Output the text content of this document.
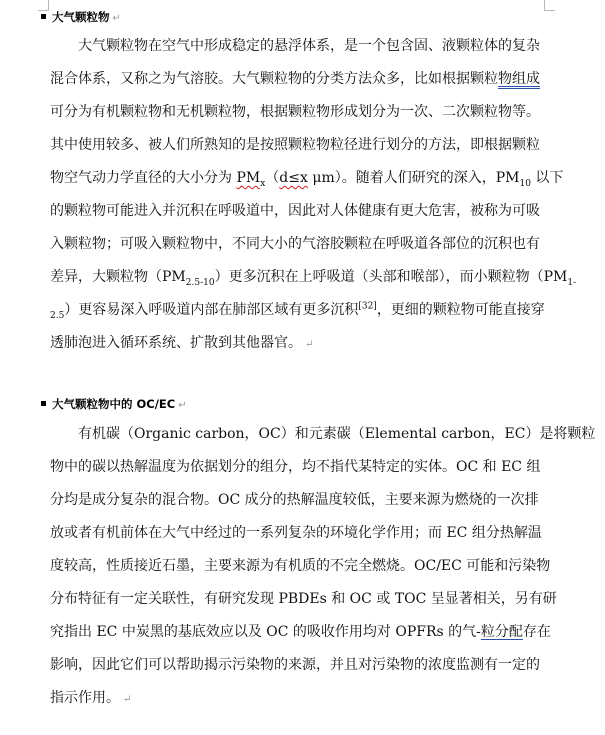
大气颗粒物 ↵
大气颗粒物在空气中形成稳定的悬浮体系，是一个包含固、液颗粒体的复杂
混合体系，又称之为气溶胶。大气颗粒物的分类方法众多，比如根据颗粒物组成
可分为有机颗粒物和无机颗粒物，根据颗粒物形成划分为一次、二次颗粒物等。
其中使用较多、被人们所熟知的是按照颗粒物粒径进行划分的方法，即根据颗粒
物空气动力学直径的大小分为 $PM_x(d\le x$ μm）。随着人们研究的深入，$PM_{10}$ 以下
的颗粒物可能进入并沉积在呼吸道中，因此对人体健康有更大危害，被称为可吸
入颗粒物；可吸入颗粒物中，不同大小的气溶胶颗粒在呼吸道各部位的沉积也有
差异，大颗粒物$(PM_{2.5-10})$更多沉积在上呼吸道（头部和喉部），而小颗粒物（$PM_{1-}$
$_{2.5}$）更容易深入呼吸道内部在肺部区域有更多沉积[32]，更细的颗粒物可能直接穿
透肺泡进入循环系统、扩散到其他器官。 ↵
大气颗粒物中的 OC/EC ↵
有机碳（Organic carbon，OC）和元素碳（Elemental carbon，EC）是将颗粒
物中的碳以热解温度为依据划分的组分，均不指代某特定的实体。OC 和 EC 组
分均是成分复杂的混合物。OC 成分的热解温度较低，主要来源为燃烧的一次排
放或者有机前体在大气中经过的一系列复杂的环境化学作用；而 EC 组分热解温
度较高，性质接近石墨，主要来源为有机质的不完全燃烧。OC/EC 可能和污染物
分布特征有一定关联性，有研究发现 PBDEs 和 OC 或 TOC 呈显著相关，另有研
究指出 EC 中炭黑的基底效应以及 OC 的吸收作用均对 OPFRs 的气-粒分配存在
影响，因此它们可以帮助揭示污染物的来源，并且对污染物的浓度监测有一定的
指示作用。 ↵
